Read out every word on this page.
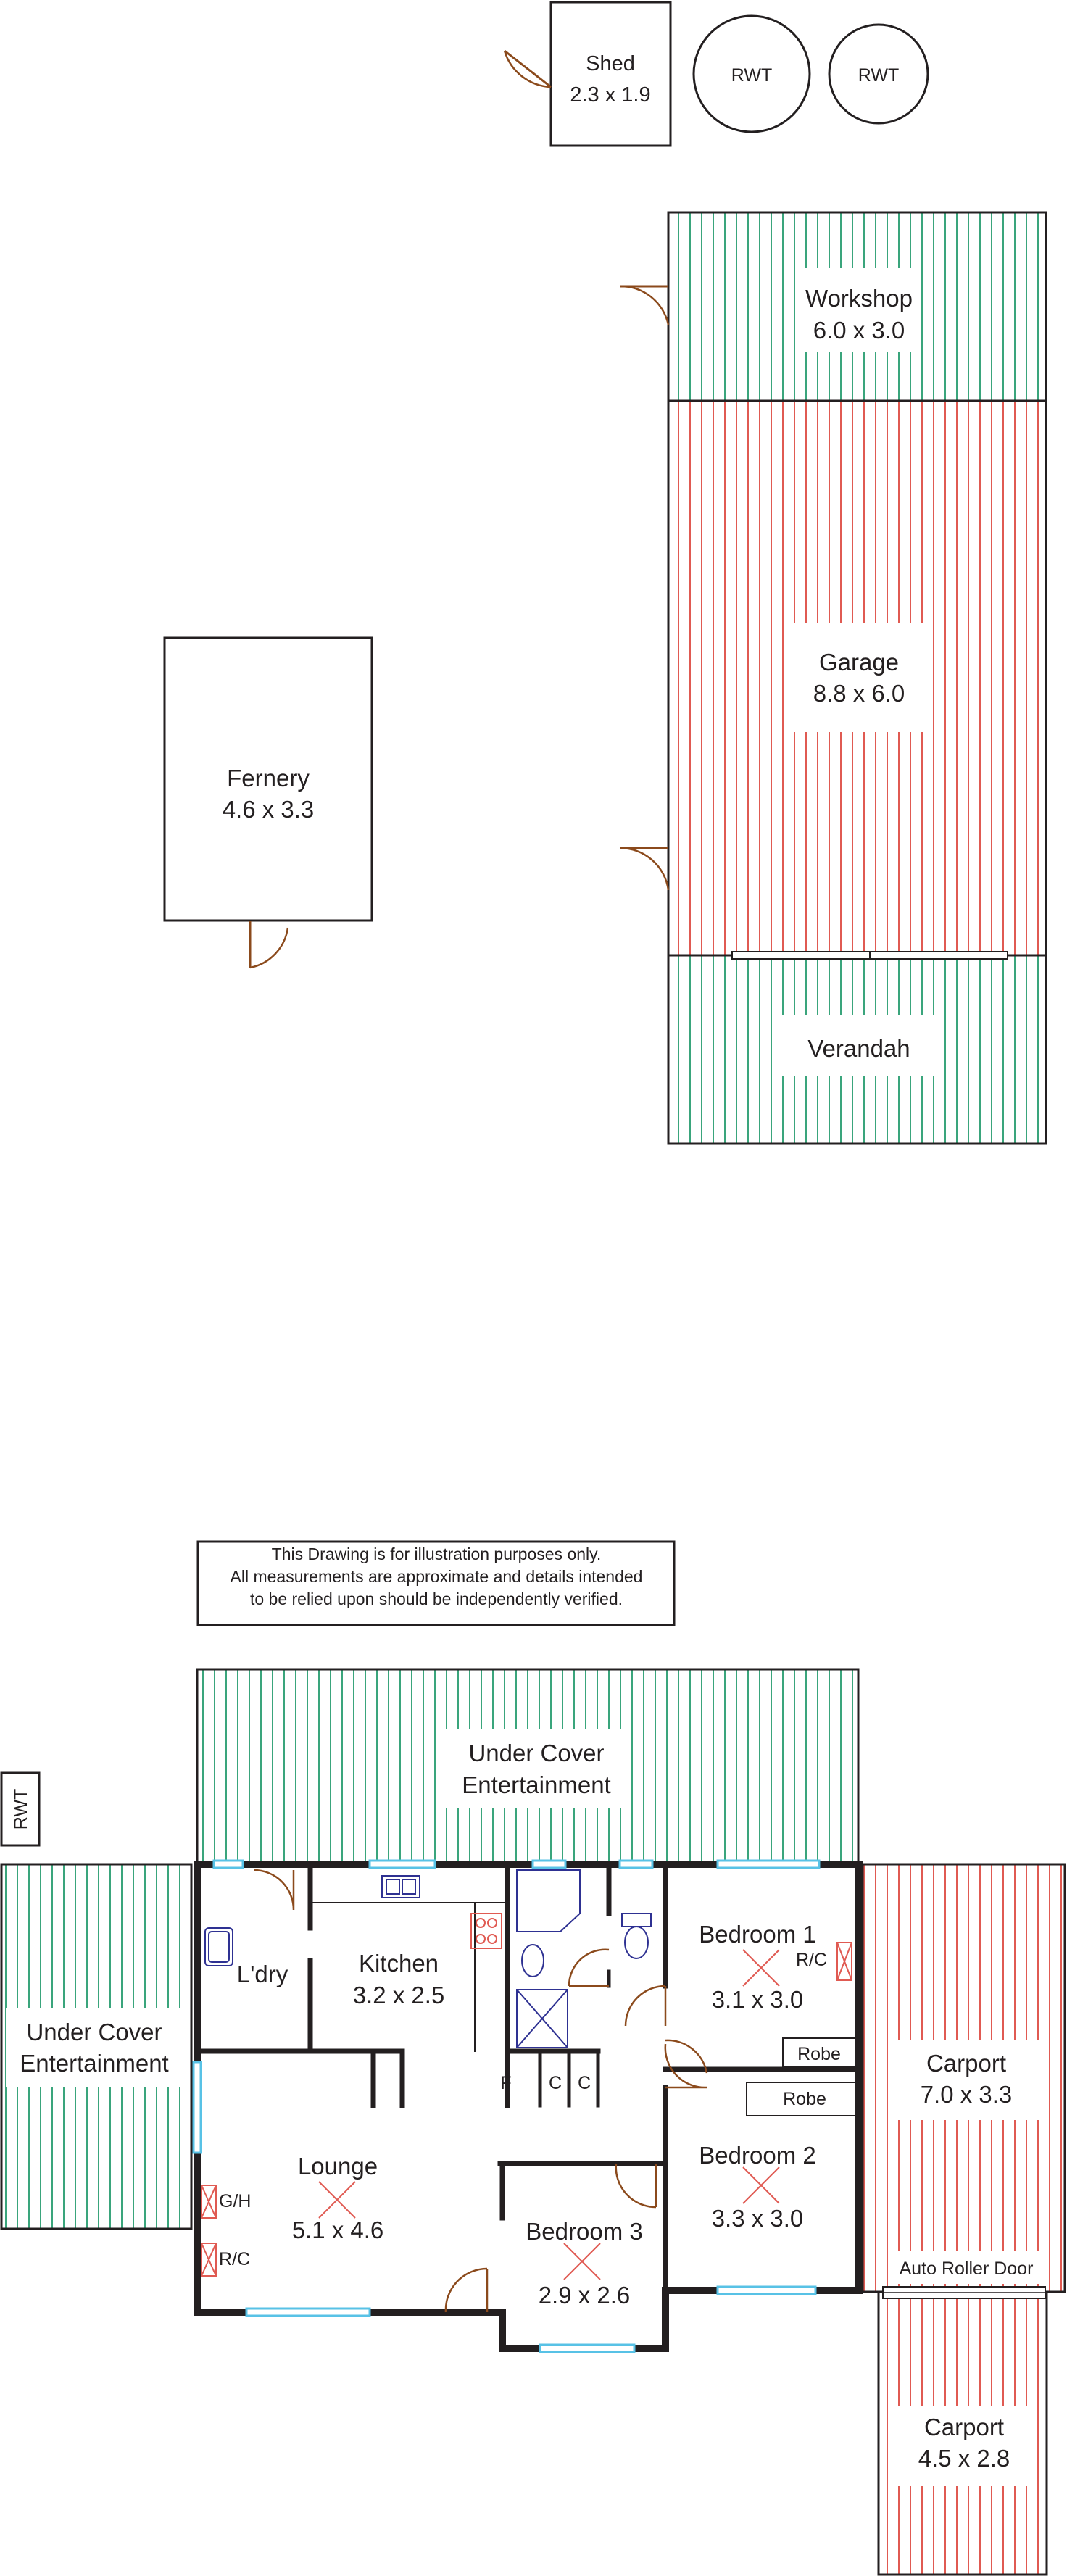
Shed
2.3 x 1.9
RWT	RWT
Workshop
6.0 x 3.0
Garage
8.8 x 6.0
Verandah
Fernery
4.6 x 3.3
This Drawing is for illustration purposes only.
All measurements are approximate and details intended
to be relied upon should be independently verified.
RWT
Under Cover
Entertainment
Under Cover
Entertainment	Carport
7.0 x 3.3
Carport
4.5 x 2.8
Auto Roller Door
G/H
R/C
R/C
Robe
Robe
F C C
L'dry	Kitchen
3.2 x 2.5
Lounge
5.1 x 4.6
Bedroom 1
3.1 x 3.0
Bedroom 2
3.3 x 3.0
Bedroom 3
2.9 x 2.6
